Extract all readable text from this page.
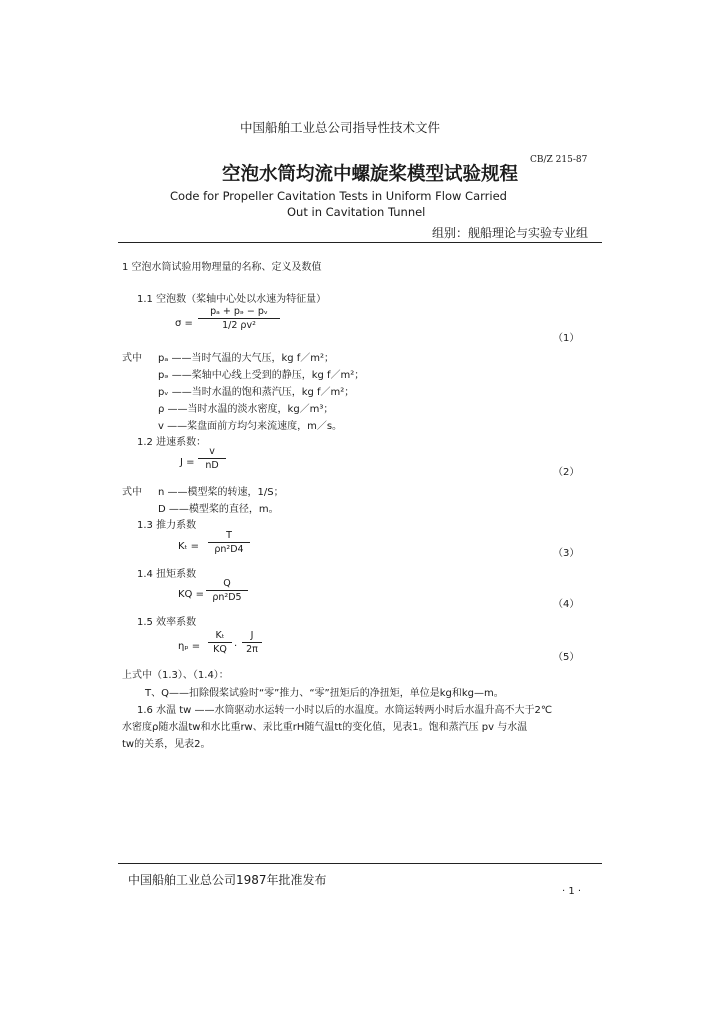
中国船舶工业总公司指导性技术文件
CB/Z 215-87
空泡水筒均流中螺旋桨模型试验规程
Code for Propeller Cavitation Tests in Uniform Flow Carried
Out in Cavitation Tunnel
组别：舰船理论与实验专业组
1 空泡水筒试验用物理量的名称、定义及数值
1.1 空泡数（桨轴中心处以水速为特征量）
$\sigma = \frac{\text{pₐ + pₔ − pᵥ}}{\text{1/2 ρv²}}$
（1）
式中 pₐ ——当时气温的大气压，kg f／m²；
pₔ ——桨轴中心线上受到的静压，kg f／m²；
pᵥ ——当时水温的饱和蒸汽压，kg f／m²；
ρ ——当时水温的淡水密度，kg／m³；
v ——桨盘面前方均匀来流速度，m／s。
1.2 进速系数：
$J = \frac{v}{nD}$
（2）
式中 n ——模型桨的转速，1/S；
D ——模型桨的直径，m。
1.3 推力系数
$K_t = \frac{T}{\text{ρn²D4}}$	（3）
1.4 扭矩系数
KQ = $\frac{Q}{\text{ρn²D5}}$
（4）
1.5 效率系数
$\eta_p = \frac{\text{Kₜ}}{KQ} \cdot \frac{J}{2\pi}$
（5）
上式中（1.3）、（1.4）：
T、Q——扣除假桨试验时“零”推力、“零”扭矩后的净扭矩，单位是kg和kg—m。
1.6 水温 tw ——水筒驱动水运转一小时以后的水温度。水筒运转两小时后水温升高不大于2℃
水密度ρ随水温tw和水比重rw、汞比重rH随气温tt的变化值，见表1。饱和蒸汽压 pv 与水温
tw的关系，见表2。
中国船舶工业总公司1987年批准发布
· 1 ·
